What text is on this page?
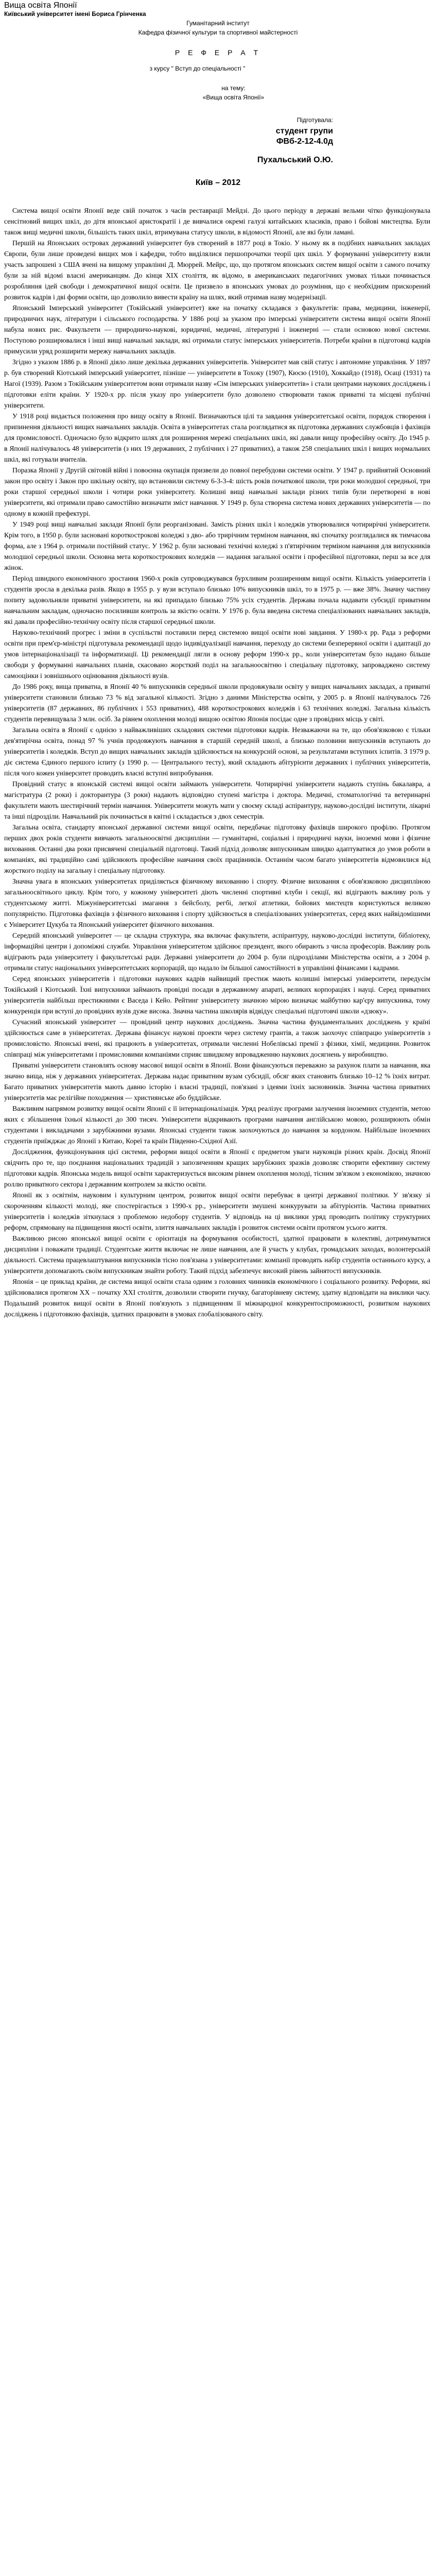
Вища освіта Японії
Київський університет імені Бориса Грінченка
Гуманітарний інститут
Кафедра фізичної культури та спортивної майстерності
Р Е Ф Е Р А Т
з курсу " Вступ до спеціальності "
на тему:
«Вища освіта Японії»
Підготувала:
студент групи
ФВб-2-12-4.0д
Пухальський О.Ю.
Київ – 2012

Система вищої освіти Японії веде свій початок з часів реставрації Мейдзі. До цього періоду в державі вельми чітко функціонувала сенсітновий вищих шкіл, до дітя японської аристократії і де вивчалися окремі галузі китайських класиків, право і бойові мистецтва. Були також вищі медичні школи, більшість таких шкіл, втримувана статусу школи, в відомості Японії, але які були ламані.

Першій на Японських островах державний університет був створений в 1877 році в Токіо. У ньому як в подібних навчальних закладах Європи, були лише проведені вищих мов і кафедри, тобто виділялися першопрочатки теорії цих шкіл. У формуванні університету взяли участь запрошені з США вчені на вищому управлінні Д. Мюррей. Мейрс, що, що протягом японських систем вищої освіти з самого початку були за ній відомі власні американцям. До кінця XIX століття, як відомо, в американських педагогічних умовах тільки починається розробляння ідей свободи і демократичної вищої освіти. Це призвело в японських умовах до розуміння, що є необхідним прискорений розвиток кадрів і дві форми освіти, що дозволило вивести країну на шлях, який отримав назву модернізації.

Японський Імперський університет (Токійський університет) вже на початку складався з факультетів: права, медицини, інженерії, природничих наук, літератури і сільського господарства. У 1886 році за указом про імперські університети система вищої освіти Японії набула нових рис. Факультети — природничо-наукові, юридичні, медичні, літературні і інженерні — стали основою нової системи. Поступово розширювалися і інші вищі навчальні заклади, які отримали статус імперських університетів. Потреби країни в підготовці кадрів примусили уряд розширити мережу навчальних закладів.

Згідно з указом 1886 р. в Японії діяло лише декілька державних університетів. Університет мав свій статус і автономне управління. У 1897 р. був створений Кіотський імперський університет, пізніше — університети в Тохоку (1907), Кюсю (1910), Хоккайдо (1918), Осаці (1931) та Нагої (1939). Разом з Токійським університетом вони отримали назву «Сім імперських університетів» і стали центрами наукових досліджень і підготовки еліти країни. У 1920-х рр. після указу про університети було дозволено створювати також приватні та місцеві публічні університети.

У 1918 році видається положення про вищу освіту в Японії. Визначаються цілі та завдання університетської освіти, порядок створення і припинення діяльності вищих навчальних закладів. Освіта в університетах стала розглядатися як підготовка державних службовців і фахівців для промисловості. Одночасно було відкрито шлях для розширення мережі спеціальних шкіл, які давали вищу професійну освіту. До 1945 р. в Японії налічувалось 48 університетів (з них 19 державних, 2 публічних і 27 приватних), а також 258 спеціальних шкіл і вищих нормальних шкіл, які готували вчителів.

Поразка Японії у Другій світовій війні і повоєнна окупація призвели до повної перебудови системи освіти. У 1947 р. прийнятий Основний закон про освіту і Закон про шкільну освіту, що встановили систему 6-3-3-4: шість років початкової школи, три роки молодшої середньої, три роки старшої середньої школи і чотири роки університету. Колишні вищі навчальні заклади різних типів були перетворені в нові університети, які отримали право самостійно визначати зміст навчання. У 1949 р. була створена система нових державних університетів — по одному в кожній префектурі.

У 1949 році вищі навчальні заклади Японії були реорганізовані. Замість різних шкіл і коледжів утворювалися чотирирічні університети. Крім того, в 1950 р. були засновані короткострокові коледжі з дво- або трирічним терміном навчання, які спочатку розглядалися як тимчасова форма, але з 1964 р. отримали постійний статус. У 1962 р. були засновані технічні коледжі з п'ятирічним терміном навчання для випускників молодшої середньої школи. Основна мета короткострокових коледжів — надання загальної освіти і професійної підготовки, перш за все для жінок.

Період швидкого економічного зростання 1960-х років супроводжувався бурхливим розширенням вищої освіти. Кількість університетів і студентів зросла в декілька разів. Якщо в 1955 р. у вузи вступало близько 10% випускників шкіл, то в 1975 р. — вже 38%. Значну частину попиту задовольняли приватні університети, на які припадало близько 75% усіх студентів. Держава почала надавати субсидії приватним навчальним закладам, одночасно посиливши контроль за якістю освіти. У 1976 р. була введена система спеціалізованих навчальних закладів, які давали професійно-технічну освіту після старшої середньої школи.

Науково-технічний прогрес і зміни в суспільстві поставили перед системою вищої освіти нові завдання. У 1980-х рр. Рада з реформи освіти при прем'єр-міністрі підготувала рекомендації щодо індивідуалізації навчання, переходу до системи безперервної освіти і адаптації до умов інтернаціоналізації та інформатизації. Ці рекомендації лягли в основу реформ 1990-х рр., коли університетам було надано більше свободи у формуванні навчальних планів, скасовано жорсткий поділ на загальноосвітню і спеціальну підготовку, запроваджено систему самооцінки і зовнішнього оцінювання діяльності вузів.

До 1986 року, вища приватна, в Японії 40 % випускників середньої школи продовжували освіту у вищих навчальних закладах, а приватні університети становили близько 73 % від загальної кількості. Згідно з даними Міністерства освіти, у 2005 р. в Японії налічувалось 726 університетів (87 державних, 86 публічних і 553 приватних), 488 короткострокових коледжів і 63 технічних коледжі. Загальна кількість студентів перевищувала 3 млн. осіб. За рівнем охоплення молоді вищою освітою Японія посідає одне з провідних місць у світі.

Загальна освіта в Японії є однією з найважливіших складових системи підготовки кадрів. Незважаючи на те, що обов'язковою є тільки дев'ятирічна освіта, понад 97 % учнів продовжують навчання в старшій середній школі, а близько половини випускників вступають до університетів і коледжів. Вступ до вищих навчальних закладів здійснюється на конкурсній основі, за результатами вступних іспитів. З 1979 р. діє система Єдиного першого іспиту (з 1990 р. — Центрального тесту), який складають абітурієнти державних і публічних університетів, після чого кожен університет проводить власні вступні випробування.

Провідний статус в японській системі вищої освіти займають університети. Чотирирічні університети надають ступінь бакалавра, а магістратура (2 роки) і докторантура (3 роки) надають відповідно ступені магістра і доктора. Медичні, стоматологічні та ветеринарні факультети мають шестирічний термін навчання. Університети можуть мати у своєму складі аспірантуру, науково-дослідні інститути, лікарні та інші підрозділи. Навчальний рік починається в квітні і складається з двох семестрів.

Загальна освіта, стандарту японської державної системи вищої освіти, передбачає підготовку фахівців широкого профілю. Протягом перших двох років студенти вивчають загальноосвітні дисципліни — гуманітарні, соціальні і природничі науки, іноземні мови і фізичне виховання. Останні два роки присвячені спеціальній підготовці. Такий підхід дозволяє випускникам швидко адаптуватися до умов роботи в компаніях, які традиційно самі здійснюють професійне навчання своїх працівників. Останнім часом багато університетів відмовилися від жорсткого поділу на загальну і спеціальну підготовку.

Значна увага в японських університетах приділяється фізичному вихованню і спорту. Фізичне виховання є обов'язковою дисципліною загальноосвітнього циклу. Крім того, у кожному університеті діють численні спортивні клуби і секції, які відіграють важливу роль у студентському житті. Міжуніверситетські змагання з бейсболу, регбі, легкої атлетики, бойових мистецтв користуються великою популярністю. Підготовка фахівців з фізичного виховання і спорту здійснюється в спеціалізованих університетах, серед яких найвідомішими є Університет Цукуба та Японський університет фізичного виховання.

Середній японський університет — це складна структура, яка включає факультети, аспірантуру, науково-дослідні інститути, бібліотеку, інформаційні центри і допоміжні служби. Управління університетом здійснює президент, якого обирають з числа професорів. Важливу роль відіграють рада університету і факультетські ради. Державні університети до 2004 р. були підрозділами Міністерства освіти, а з 2004 р. отримали статус національних університетських корпорацій, що надало їм більшої самостійності в управлінні фінансами і кадрами.

Серед японських університетів і підготовки наукових кадрів найвищий престиж мають колишні імперські університети, передусім Токійський і Кіотський. Їхні випускники займають провідні посади в державному апараті, великих корпораціях і науці. Серед приватних університетів найбільш престижними є Васеда і Кейо. Рейтинг університету значною мірою визначає майбутню кар'єру випускника, тому конкуренція при вступі до провідних вузів дуже висока. Значна частина школярів відвідує спеціальні підготовчі школи «дзюку».

Сучасний японський університет — провідний центр наукових досліджень. Значна частина фундаментальних досліджень у країні здійснюється саме в університетах. Держава фінансує наукові проекти через систему грантів, а також заохочує співпрацю університетів з промисловістю. Японські вчені, які працюють в університетах, отримали численні Нобелівські премії з фізики, хімії, медицини. Розвиток співпраці між університетами і промисловими компаніями сприяє швидкому впровадженню наукових досягнень у виробництво.

Приватні університети становлять основу масової вищої освіти в Японії. Вони фінансуються переважно за рахунок плати за навчання, яка значно вища, ніж у державних університетах. Держава надає приватним вузам субсидії, обсяг яких становить близько 10–12 % їхніх витрат. Багато приватних університетів мають давню історію і власні традиції, пов'язані з ідеями їхніх засновників. Значна частина приватних університетів має релігійне походження — християнське або буддійське.

Важливим напрямом розвитку вищої освіти Японії є її інтернаціоналізація. Уряд реалізує програми залучення іноземних студентів, метою яких є збільшення їхньої кількості до 300 тисяч. Університети відкривають програми навчання англійською мовою, розширюють обмін студентами і викладачами з зарубіжними вузами. Японські студенти також заохочуються до навчання за кордоном. Найбільше іноземних студентів приїжджає до Японії з Китаю, Кореї та країн Південно-Східної Азії.

Дослідження, функціонування цієї системи, реформи вищої освіти в Японії є предметом уваги науковців різних країн. Досвід Японії свідчить про те, що поєднання національних традицій з запозиченням кращих зарубіжних зразків дозволяє створити ефективну систему підготовки кадрів. Японська модель вищої освіти характеризується високим рівнем охоплення молоді, тісним зв'язком з економікою, значною роллю приватного сектора і державним контролем за якістю освіти.

Японії як з освітнім, науковим і культурним центром, розвиток вищої освіти перебуває в центрі державної політики. У зв'язку зі скороченням кількості молоді, яке спостерігається з 1990-х рр., університети змушені конкурувати за абітурієнтів. Частина приватних університетів і коледжів зіткнулася з проблемою недобору студентів. У відповідь на ці виклики уряд проводить політику структурних реформ, спрямовану на підвищення якості освіти, злиття навчальних закладів і розвиток системи освіти протягом усього життя.

Важливою рисою японської вищої освіти є орієнтація на формування особистості, здатної працювати в колективі, дотримуватися дисципліни і поважати традиції. Студентське життя включає не лише навчання, але й участь у клубах, громадських заходах, волонтерській діяльності. Система працевлаштування випускників тісно пов'язана з університетами: компанії проводять набір студентів останнього курсу, а університети допомагають своїм випускникам знайти роботу. Такий підхід забезпечує високий рівень зайнятості випускників.

Японія – це приклад країни, де система вищої освіти стала одним з головних чинників економічного і соціального розвитку. Реформи, які здійснювалися протягом XX – початку XXI століття, дозволили створити гнучку, багаторівневу систему, здатну відповідати на виклики часу. Подальший розвиток вищої освіти в Японії пов'язують з підвищенням її міжнародної конкурентоспроможності, розвитком наукових досліджень і підготовкою фахівців, здатних працювати в умовах глобалізованого світу.
